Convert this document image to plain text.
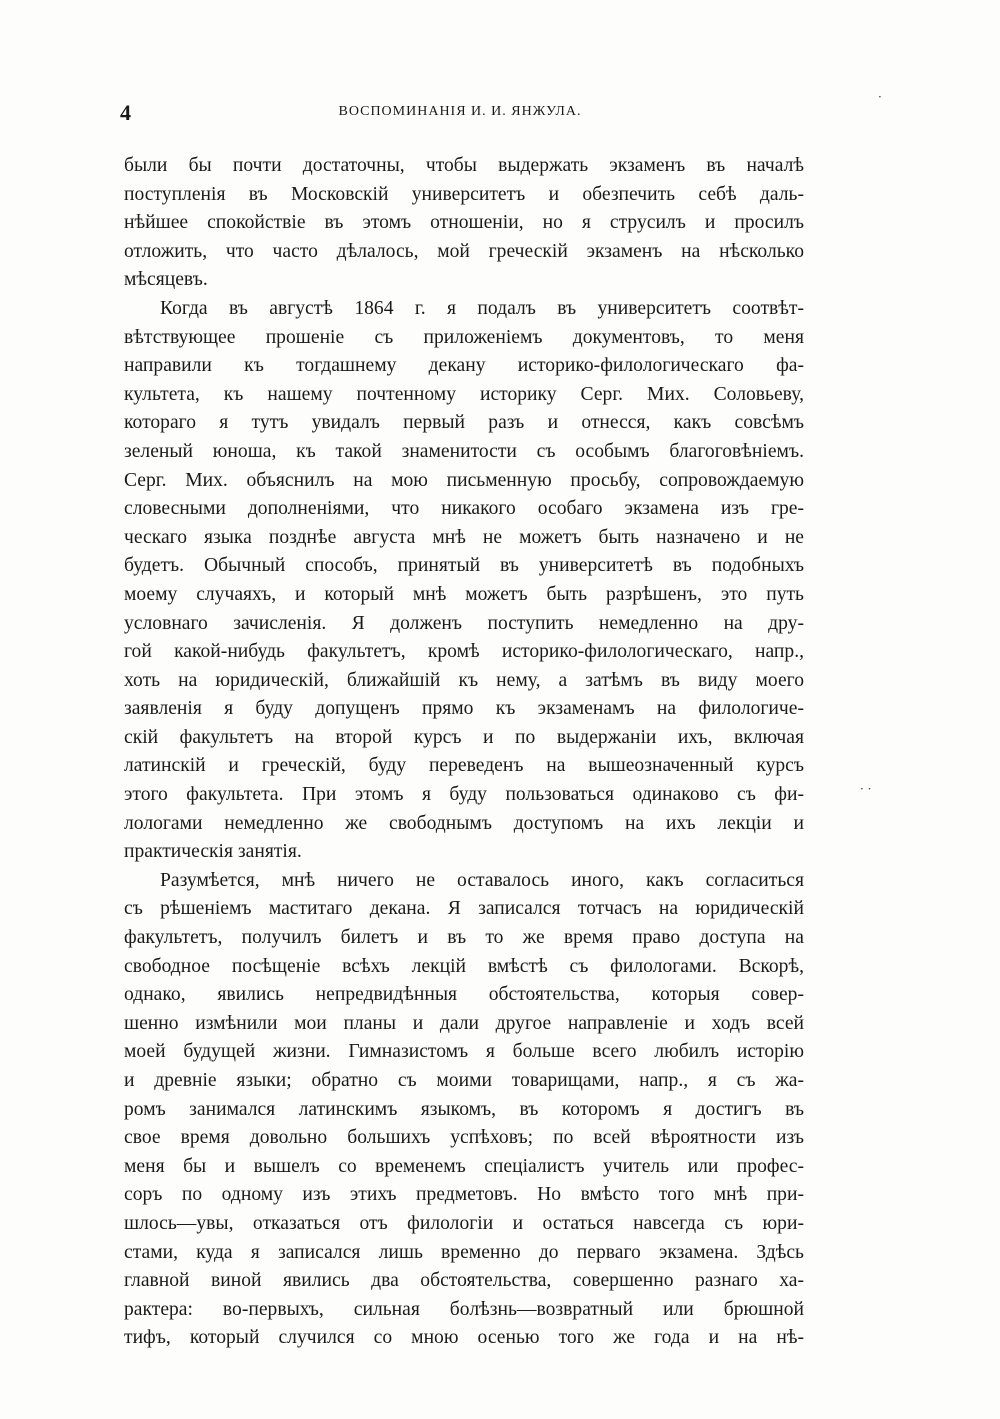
4	ВОСПОМИНАНІЯ И. И. ЯНЖУЛА.
были бы почти достаточны, чтобы выдержать экзаменъ въ началѣ
поступленія въ Московскій университетъ и обезпечить себѣ даль-
нѣйшее спокойствіе въ этомъ отношеніи, но я струсилъ и просилъ
отложить, что часто дѣлалось, мой греческій экзаменъ на нѣсколько
мѣсяцевъ.
Когда въ августѣ 1864 г. я подалъ въ университетъ соотвѣт-
вѣтствующее прошеніе съ приложеніемъ документовъ, то меня
направили къ тогдашнему декану историко-филологическаго фа-
культета, къ нашему почтенному историку Серг. Мих. Соловьеву,
котораго я тутъ увидалъ первый разъ и отнесся, какъ совсѣмъ
зеленый юноша, къ такой знаменитости съ особымъ благоговѣніемъ.
Серг. Мих. объяснилъ на мою письменную просьбу, сопровождаемую
словесными дополненіями, что никакого особаго экзамена изъ гре-
ческаго языка позднѣе августа мнѣ не можетъ быть назначено и не
будетъ. Обычный способъ, принятый въ университетѣ въ подобныхъ
моему случаяхъ, и который мнѣ можетъ быть разрѣшенъ, это путь
условнаго зачисленія. Я долженъ поступить немедленно на дру-
гой какой-нибудь факультетъ, кромѣ историко-филологическаго, напр.,
хоть на юридическій, ближайшій къ нему, а затѣмъ въ виду моего
заявленія я буду допущенъ прямо къ экзаменамъ на филологиче-
скій факультетъ на второй курсъ и по выдержаніи ихъ, включая
латинскій и греческій, буду переведенъ на вышеозначенный курсъ
этого факультета. При этомъ я буду пользоваться одинаково съ фи-
лологами немедленно же свободнымъ доступомъ на ихъ лекціи и
практическія занятія.
Разумѣется, мнѣ ничего не оставалось иного, какъ согласиться
съ рѣшеніемъ маститаго декана. Я записался тотчасъ на юридическій
факультетъ, получилъ билетъ и въ то же время право доступа на
свободное посѣщеніе всѣхъ лекцій вмѣстѣ съ филологами. Вскорѣ,
однако, явились непредвидѣнныя обстоятельства, которыя совер-
шенно измѣнили мои планы и дали другое направленіе и ходъ всей
моей будущей жизни. Гимназистомъ я больше всего любилъ исторію
и древніе языки; обратно съ моими товарищами, напр., я съ жа-
ромъ занимался латинскимъ языкомъ, въ которомъ я достигъ въ
свое время довольно большихъ успѣховъ; по всей вѣроятности изъ
меня бы и вышелъ со временемъ спеціалистъ учитель или профес-
соръ по одному изъ этихъ предметовъ. Но вмѣсто того мнѣ при-
шлось—увы, отказаться отъ филологіи и остаться навсегда съ юри-
стами, куда я записался лишь временно до перваго экзамена. Здѣсь
главной виной явились два обстоятельства, совершенно разнаго ха-
рактера: во-первыхъ, сильная болѣзнь—возвратный или брюшной
тифъ, который случился со мною осенью того же года и на нѣ-
·
· ·
